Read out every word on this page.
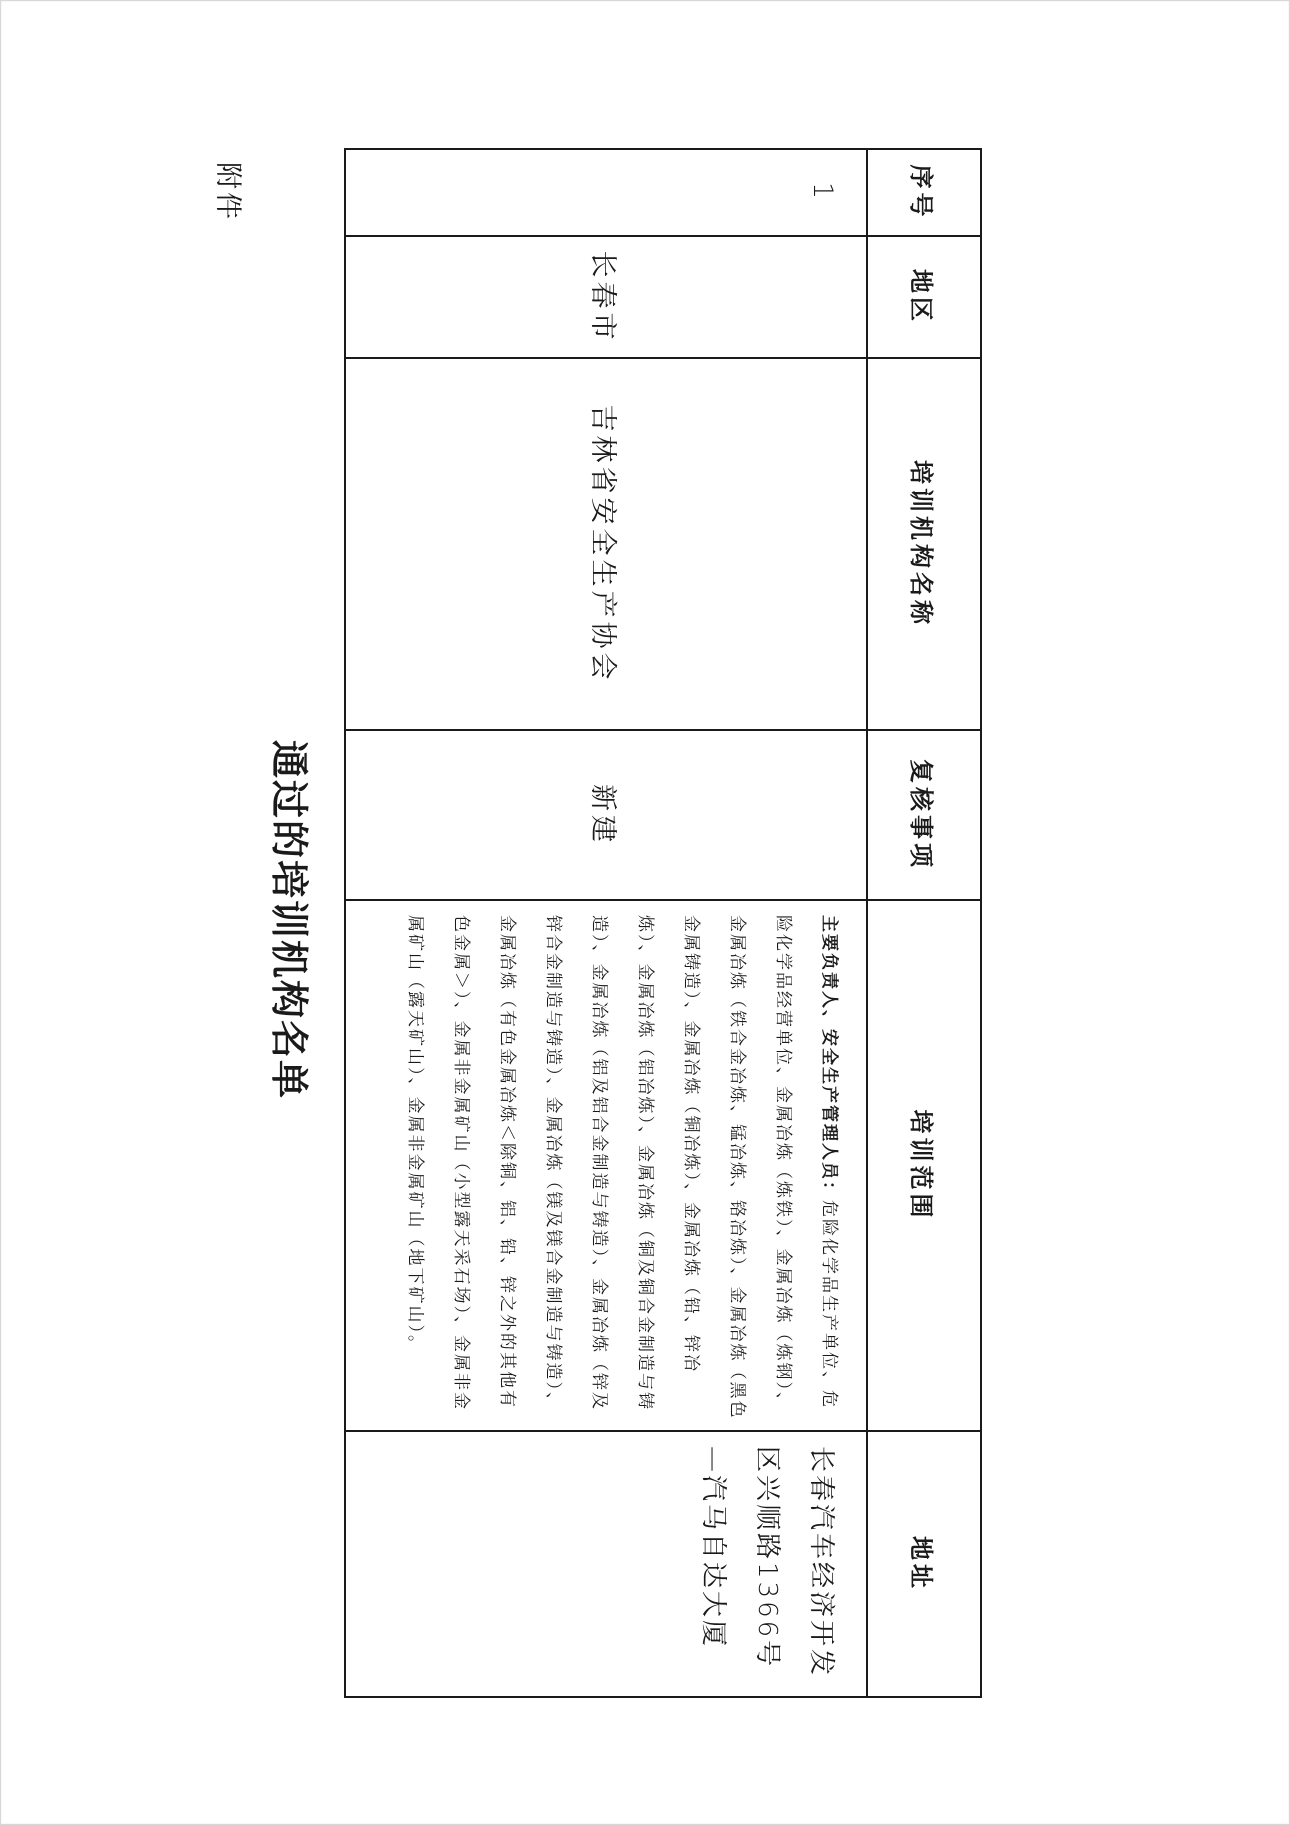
附件
通过的培训机构名单
序号	地区	培训机构名称	复核事项	培训范围	地址
1	长春市	吉林省安全生产协会	新建	主要负责人、安全生产管理人员：危险化学品生产单位、危险化学品经营单位、金属冶炼（炼铁）、金属冶炼（炼钢）、金属冶炼（铁合金冶炼、锰冶炼、铬冶炼）、金属冶炼（黑色金属铸造）、金属冶炼（铜冶炼）、金属冶炼（铅、锌冶炼）、金属冶炼（铝冶炼）、金属冶炼（铜及铜合金制造与铸造）、金属冶炼（铝及铝合金制造与铸造）、金属冶炼（锌及锌合金制造与铸造）、金属冶炼（镁及镁合金制造与铸造）、金属冶炼（有色金属冶炼＜除铜、铝、铅、锌之外的其他有色金属＞）、金属非金属矿山（小型露天采石场）、金属非金属矿山（露天矿山）、金属非金属矿山（地下矿山）。	长春汽车经济开发区兴顺路1366号—汽马自达大厦
